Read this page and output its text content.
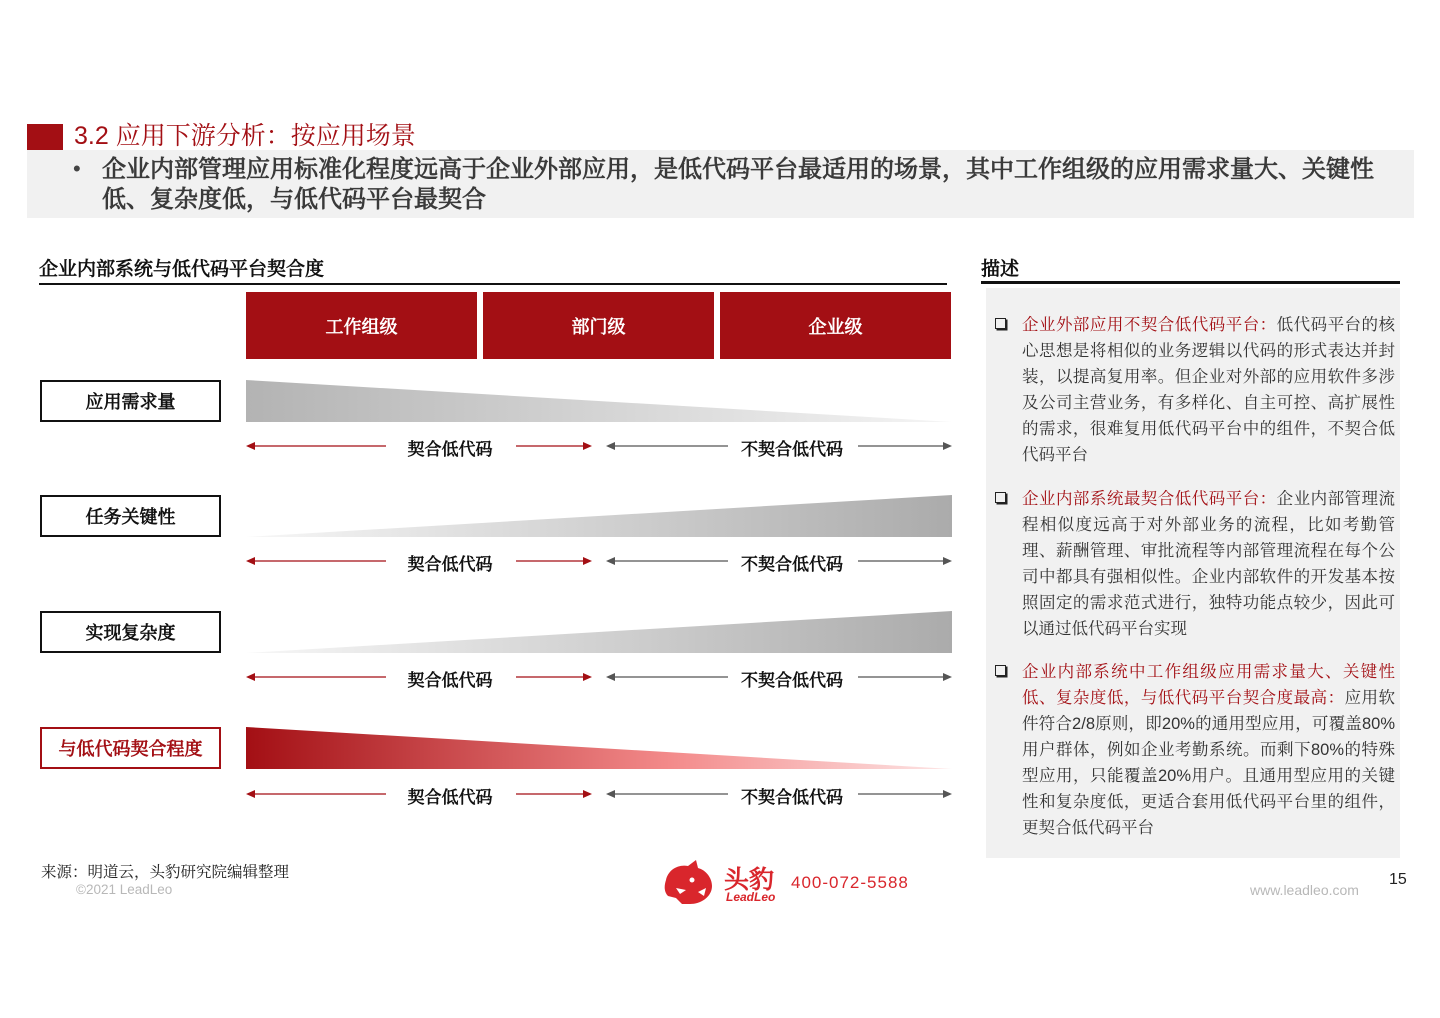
3.2 应用下游分析：按应用场景
• 企业内部管理应用标准化程度远高于企业外部应用，是低代码平台最适用的场景，其中工作组级的应用需求量大、关键性低、复杂度低，与低代码平台最契合
企业内部系统与低代码平台契合度
工作组级	部门级	企业级
应用需求量
契合低代码	不契合低代码
任务关键性
契合低代码	不契合低代码
实现复杂度
契合低代码	不契合低代码
与低代码契合程度
契合低代码	不契合低代码
描述
企业外部应用不契合低代码平台：低代码平台的核心思想是将相似的业务逻辑以代码的形式表达并封装，以提高复用率。但企业对外部的应用软件多涉及公司主营业务，有多样化、自主可控、高扩展性的需求，很难复用低代码平台中的组件，不契合低代码平台
企业内部系统最契合低代码平台：企业内部管理流程相似度远高于对外部业务的流程，比如考勤管理、薪酬管理、审批流程等内部管理流程在每个公司中都具有强相似性。企业内部软件的开发基本按照固定的需求范式进行，独特功能点较少，因此可以通过低代码平台实现
企业内部系统中工作组级应用需求量大、关键性低、复杂度低，与低代码平台契合度最高：应用软件符合2/8原则，即20%的通用型应用，可覆盖80%用户群体，例如企业考勤系统。而剩下80%的特殊型应用，只能覆盖20%用户。且通用型应用的关键性和复杂度低，更适合套用低代码平台里的组件，更契合低代码平台
来源：明道云，头豹研究院编辑整理
©2021 LeadLeo	头豹
LeadLeo
400-072-5588	www.leadleo.com
15
